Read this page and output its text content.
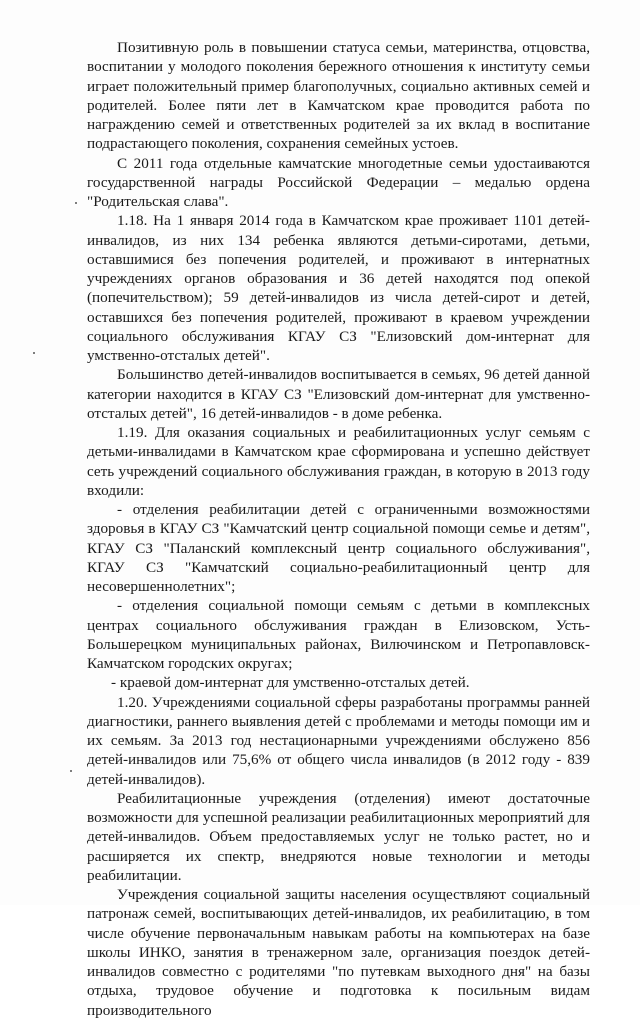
Позитивную роль в повышении статуса семьи, материнства, отцовства, воспитании у молодого поколения бережного отношения к институту семьи играет положительный пример благополучных, социально активных семей и родителей. Более пяти лет в Камчатском крае проводится работа по награждению семей и ответственных родителей за их вклад в воспитание подрастающего поколения, сохранения семейных устоев.

С 2011 года отдельные камчатские многодетные семьи удостаиваются государственной награды Российской Федерации – медалью ордена "Родительская слава".

1.18. На 1 января 2014 года в Камчатском крае проживает 1101 детей-инвалидов, из них 134 ребенка являются детьми-сиротами, детьми, оставшимися без попечения родителей, и проживают в интернатных учреждениях органов образования и 36 детей находятся под опекой (попечительством); 59 детей-инвалидов из числа детей-сирот и детей, оставшихся без попечения родителей, проживают в краевом учреждении социального обслуживания КГАУ СЗ "Елизовский дом-интернат для умственно-отсталых детей".

Большинство детей-инвалидов воспитывается в семьях, 96 детей данной категории находится в КГАУ СЗ "Елизовский дом-интернат для умственно-отсталых детей", 16 детей-инвалидов - в доме ребенка.

1.19. Для оказания социальных и реабилитационных услуг семьям с детьми-инвалидами в Камчатском крае сформирована и успешно действует сеть учреждений социального обслуживания граждан, в которую в 2013 году входили:

- отделения реабилитации детей с ограниченными возможностями здоровья в КГАУ СЗ "Камчатский центр социальной помощи семье и детям", КГАУ СЗ "Паланский комплексный центр социального обслуживания", КГАУ СЗ "Камчатский социально-реабилитационный центр для несовершеннолетних";

- отделения социальной помощи семьям с детьми в комплексных центрах социального обслуживания граждан в Елизовском, Усть-Большерецком муниципальных районах, Вилючинском и Петропавловск-Камчатском городских округах;

- краевой дом-интернат для умственно-отсталых детей.

1.20. Учреждениями социальной сферы разработаны программы ранней диагностики, раннего выявления детей с проблемами и методы помощи им и их семьям. За 2013 год нестационарными учреждениями обслужено 856 детей-инвалидов или 75,6% от общего числа инвалидов (в 2012 году - 839 детей-инвалидов).

Реабилитационные учреждения (отделения) имеют достаточные возможности для успешной реализации реабилитационных мероприятий для детей-инвалидов. Объем предоставляемых услуг не только растет, но и расширяется их спектр, внедряются новые технологии и методы реабилитации.

Учреждения социальной защиты населения осуществляют социальный патронаж семей, воспитывающих детей-инвалидов, их реабилитацию, в том числе обучение первоначальным навыкам работы на компьютерах на базе школы ИНКО, занятия в тренажерном зале, организация поездок детей-инвалидов совместно с родителями "по путевкам выходного дня" на базы отдыха, трудовое обучение и подготовка к посильным видам производительного
